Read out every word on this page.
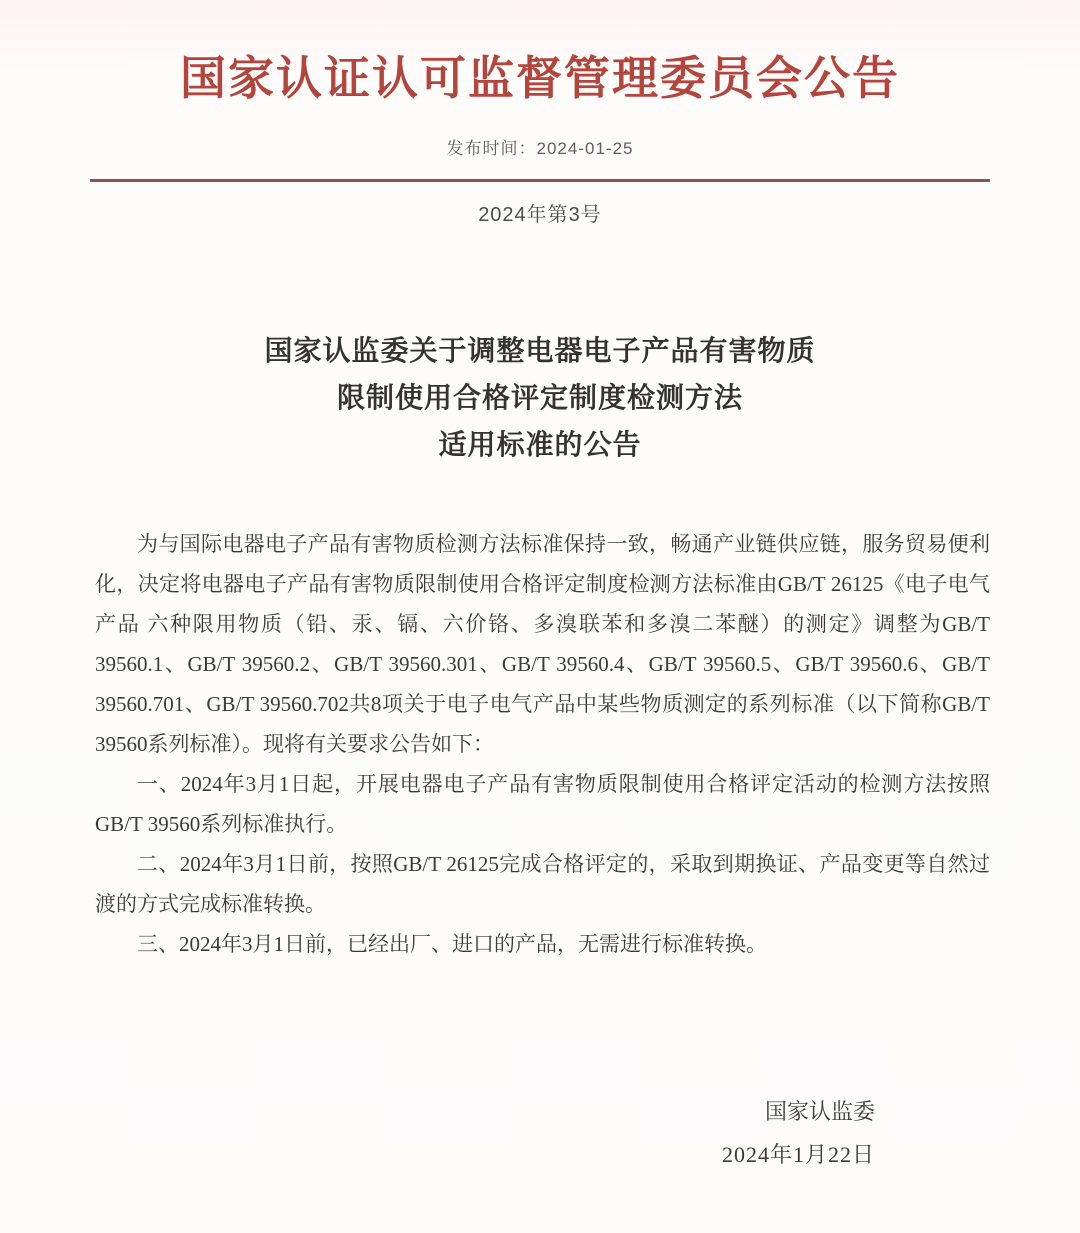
国家认证认可监督管理委员会公告
发布时间：2024-01-25
2024年第3号
国家认监委关于调整电器电子产品有害物质
限制使用合格评定制度检测方法
适用标准的公告

为与国际电器电子产品有害物质检测方法标准保持一致，畅通产业链供应链，服务贸易便利化，决定将电器电子产品有害物质限制使用合格评定制度检测方法标准由GB/T 26125《电子电气产品 六种限用物质（铅、汞、镉、六价铬、多溴联苯和多溴二苯醚）的测定》调整为GB/T 39560.1、GB/T 39560.2、GB/T 39560.301、GB/T 39560.4、GB/T 39560.5、GB/T 39560.6、GB/T 39560.701、GB/T 39560.702共8项关于电子电气产品中某些物质测定的系列标准（以下简称GB/T 39560系列标准）。现将有关要求公告如下：

一、2024年3月1日起，开展电器电子产品有害物质限制使用合格评定活动的检测方法按照GB/T 39560系列标准执行。

二、2024年3月1日前，按照GB/T 26125完成合格评定的，采取到期换证、产品变更等自然过渡的方式完成标准转换。

三、2024年3月1日前，已经出厂、进口的产品，无需进行标准转换。

国家认监委
2024年1月22日
